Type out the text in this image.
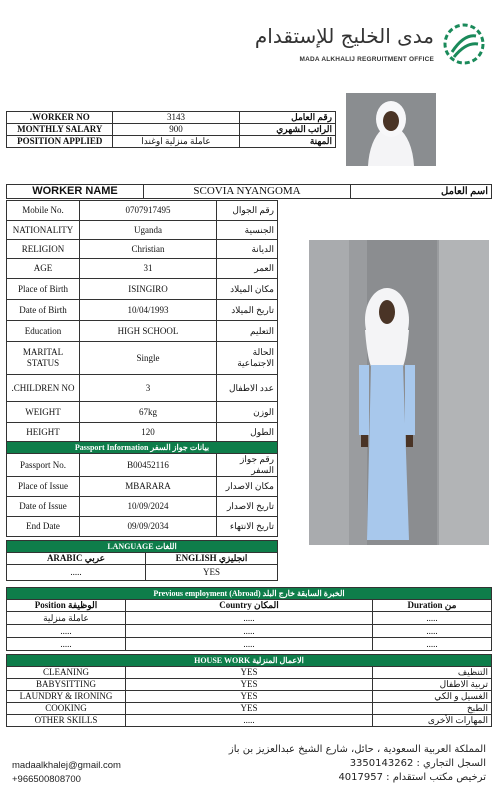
مدى الخليج للإستقدام
MADA ALKHALIJ REGRUITMENT OFFICE
.WORKER NO	3143	رقم العامل
MONTHLY SALARY	900	الراتب الشهري
POSITION APPLIED	عاملة منزلية اوغندا	المهنة
WORKER NAME	SCOVIA NYANGOMA	اسم العامل
Mobile No.	0707917495	رقم الجوال
NATIONALITY	Uganda	الجنسية
RELIGION	Christian	الديانة
AGE	31	العمر
Place of Birth	ISINGIRO	مكان الميلاد
Date of Birth	10/04/1993	تاريخ الميلاد
Education	HIGH SCHOOL	التعليم
MARITAL STATUS	Single	الحالة الاجتماعية
.CHILDREN NO	3	عدد الاطفال
WEIGHT	67kg	الوزن
HEIGHT	120	الطول
Passport Information بيانات جواز السفر		
Passport No.	B00452116	رقم جواز السفر
Place of Issue	MBARARA	مكان الاصدار
Date of Issue	10/09/2024	تاريخ الاصدار
End Date	09/09/2034	تاريخ الانتهاء
LANGUAGE اللغات	
ARABIC عربي	ENGLISH انجليزي
.....	YES
Previous employment (Abroad) الخبرة السابقة خارج البلد		
Position الوظيفة	Country المكان	Duration من
عاملة منزلية	.....	.....
.....	.....	.....
.....	.....	.....
HOUSE WORK الاعمال المنزلية		
CLEANING	YES	التنظيف
BABYSITTING	YES	تربية الاطفال
LAUNDRY & IRONING	YES	الغسيل و الكي
COOKING	YES	الطبخ
OTHER SKILLS	.....	المهارات الأخرى
madaalkhalej@gmail.com
+966500808700
المملكة العربية السعودية ، حائل، شارع الشيخ عبدالعزيز بن باز
السجل التجاري : 3350143262
ترخيص مكتب استقدام : 4017957
